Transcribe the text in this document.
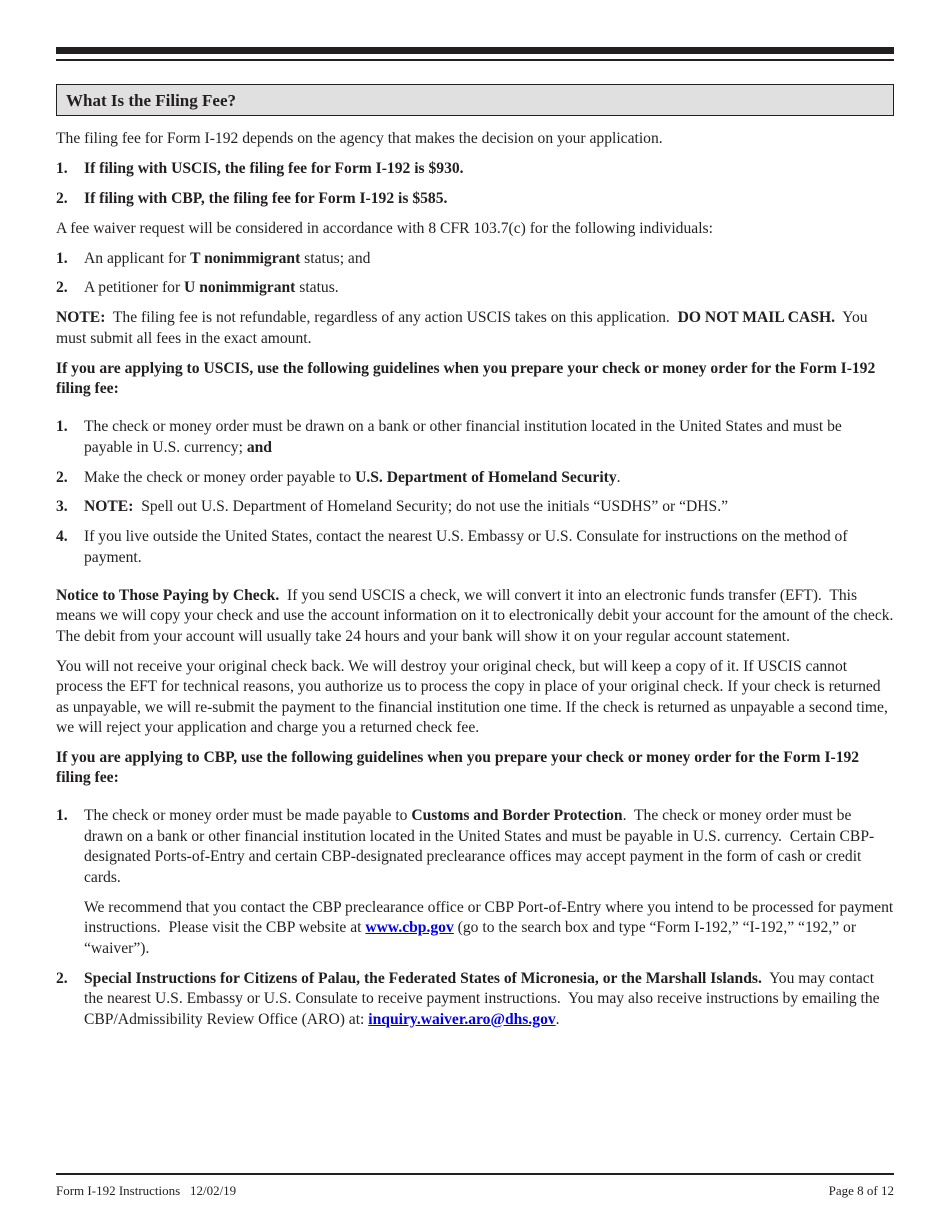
What Is the Filing Fee?

The filing fee for Form I-192 depends on the agency that makes the decision on your application.

1.	If filing with USCIS, the filing fee for Form I-192 is $930.
2.	If filing with CBP, the filing fee for Form I-192 is $585.

A fee waiver request will be considered in accordance with 8 CFR 103.7(c) for the following individuals:

1.	An applicant for T nonimmigrant status; and
2.	A petitioner for U nonimmigrant status.

NOTE:  The filing fee is not refundable, regardless of any action USCIS takes on this application.  DO NOT MAIL CASH.  You must submit all fees in the exact amount.

If you are applying to USCIS, use the following guidelines when you prepare your check or money order for the Form I-192 filing fee:

1.	The check or money order must be drawn on a bank or other financial institution located in the United States and must be payable in U.S. currency; and
2.	Make the check or money order payable to U.S. Department of Homeland Security.
3.	NOTE:  Spell out U.S. Department of Homeland Security; do not use the initials “USDHS” or “DHS.”
4.	If you live outside the United States, contact the nearest U.S. Embassy or U.S. Consulate for instructions on the method of payment.

Notice to Those Paying by Check.  If you send USCIS a check, we will convert it into an electronic funds transfer (EFT).  This means we will copy your check and use the account information on it to electronically debit your account for the amount of the check.  The debit from your account will usually take 24 hours and your bank will show it on your regular account statement.

You will not receive your original check back. We will destroy your original check, but will keep a copy of it. If USCIS cannot process the EFT for technical reasons, you authorize us to process the copy in place of your original check. If your check is returned as unpayable, we will re-submit the payment to the financial institution one time. If the check is returned as unpayable a second time, we will reject your application and charge you a returned check fee.

If you are applying to CBP, use the following guidelines when you prepare your check or money order for the Form I-192 filing fee:

1.	The check or money order must be made payable to Customs and Border Protection.  The check or money order must be drawn on a bank or other financial institution located in the United States and must be payable in U.S. currency.  Certain CBP-designated Ports-of-Entry and certain CBP-designated preclearance offices may accept payment in the form of cash or credit cards.

We recommend that you contact the CBP preclearance office or CBP Port-of-Entry where you intend to be processed for payment instructions.  Please visit the CBP website at www.cbp.gov (go to the search box and type “Form I-192,” “I-192,” “192,” or “waiver”).

2.	Special Instructions for Citizens of Palau, the Federated States of Micronesia, or the Marshall Islands.  You may contact the nearest U.S. Embassy or U.S. Consulate to receive payment instructions.  You may also receive instructions by emailing the CBP/Admissibility Review Office (ARO) at: inquiry.waiver.aro@dhs.gov.
Form I-192 Instructions   12/02/19	Page 8 of 12
